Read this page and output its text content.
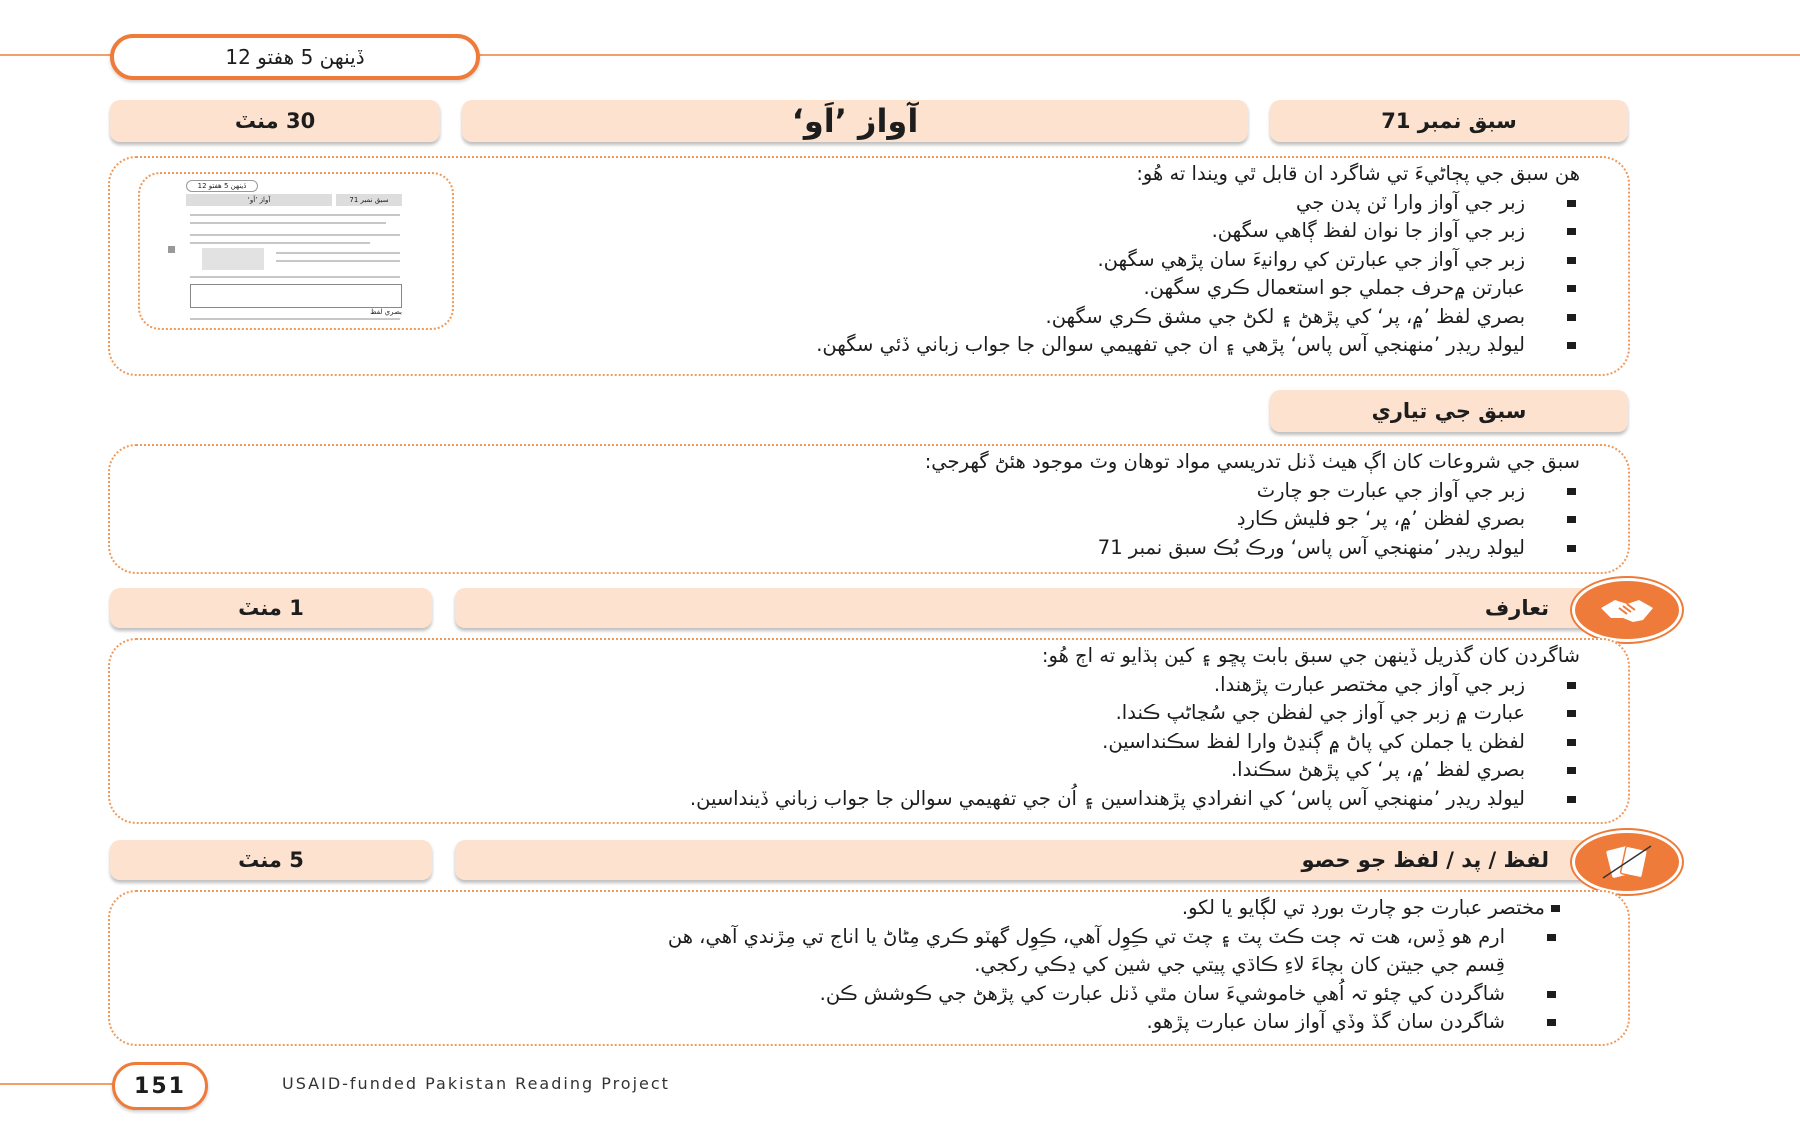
ڏينهن 5 هفتو 12
30 منٽ	آواز ’اَو‘	سبق نمبر 71
ڏينهن 5 هفتو 12
آواز ’اَو‘	سبق نمبر 71
بصري لفظ
هن سبق جي پڄاڻيءَ تي شاگرد ان قابل ٿي ويندا ته هُو:
زبر جي آواز وارا ٽن پدن جي
زبر جي آواز جا نوان لفظ ڳاهي سگهن.
زبر جي آواز جي عبارتن کي رواني‍ءَ سان پڙهي سگهن.
عبارتن ۾حرف جملي جو استعمال ڪري سگهن.
بصري لفظ ’۾، پر‘ کي پڙهڻ ۽ لکڻ جي مشق ڪري سگهن.
ليولڊ ريڊر ’منهنجي آس پاس‘ پڙهي ۽ ان جي تفهيمي سوالن جا جواب زباني ڏئي سگهن.
سبق جي تياري
سبق جي شروعات کان اڳ هيٺ ڏنل تدريسي مواد توهان وٽ موجود هئڻ گهرجي:
زبر جي آواز جي عبارت جو چارٽ
بصري لفظن ’۾، پر‘ جو فليش ڪارڊ
ليولڊ ريڊر ’منهنجي آس پاس‘ ورڪ بُڪ سبق نمبر 71
1 منٽ	تعارف
شاگردن کان گذريل ڏينهن جي سبق بابت پڇو ۽ کين ٻڌايو ته اڄ هُو:
زبر جي آواز جي مختصر عبارت پڙهندا.
عبارت ۾ زبر جي آواز جي لفظن جي سُڃاڻپ ڪندا.
لفظن يا جملن کي پاڻ ۾ ڳنڍڻ وارا لفظ سڪندا‌سين.
بصري لفظ ’۾، پر‘ کي پڙهڻ سڪندا.
ليولڊ ريڊر ’منهنجي آس پاس‘ کي انفرادي پڙهنداسين ۽ اُن جي تفهيمي سوالن جا جواب زباني ڏينداسين.
5 منٽ	لفظ / پد / لفظ جو حصو
مختصر عبارت جو چارٽ بورڊ تي لڳايو يا لکو.
ارم هو ڏِس، هت تہ ڄت ڪٽ پٽ ۽ چٽ تي ڪِوِل آهي، ڪِوِل گهٽو ڪري مِڻاڻ يا اناج تي مِڙندي آهي، هن
قِسم جي جيتن کان بچاءَ لاءِ ڪاڌي پيتي جي شين کي ڍڪي رکجي.
شاگردن کي چئو تہ اُهي خاموشيءَ سان مٿي ڏنل عبارت کي پڙهڻ جي ڪوشش ڪن.
شاگردن سان گڏ وڏي آواز سان عبارت پڙهو.
151	USAID-funded Pakistan Reading Project
